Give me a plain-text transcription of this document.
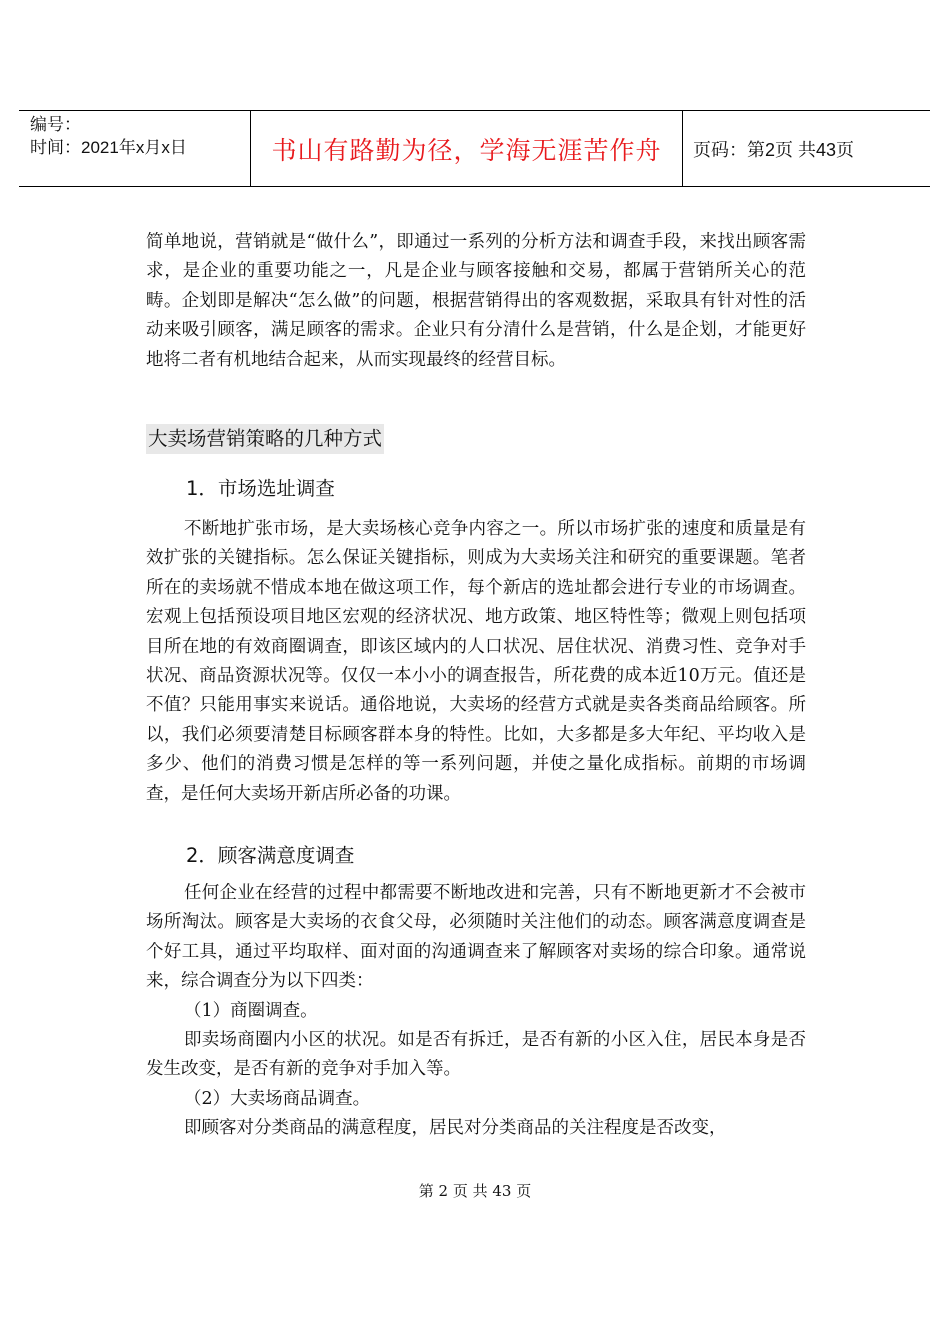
编号：
时间：2021年x月x日	书山有路勤为径，学海无涯苦作舟	页码：第2页 共43页

简单地说，营销就是“做什么”，即通过一系列的分析方法和调查手段，来找出顾客需求，是企业的重要功能之一，凡是企业与顾客接触和交易，都属于营销所关心的范畴。企划即是解决“怎么做”的问题，根据营销得出的客观数据，采取具有针对性的活动来吸引顾客，满足顾客的需求。企业只有分清什么是营销，什么是企划，才能更好地将二者有机地结合起来，从而实现最终的经营目标。

大卖场营销策略的几种方式
1．市场选址调查

不断地扩张市场，是大卖场核心竞争内容之一。所以市场扩张的速度和质量是有效扩张的关键指标。怎么保证关键指标，则成为大卖场关注和研究的重要课题。笔者所在的卖场就不惜成本地在做这项工作，每个新店的选址都会进行专业的市场调查。宏观上包括预设项目地区宏观的经济状况、地方政策、地区特性等；微观上则包括项目所在地的有效商圈调查，即该区域内的人口状况、居住状况、消费习性、竞争对手状况、商品资源状况等。仅仅一本小小的调查报告，所花费的成本近10万元。值还是不值？只能用事实来说话。通俗地说，大卖场的经营方式就是卖各类商品给顾客。所以，我们必须要清楚目标顾客群本身的特性。比如，大多都是多大年纪、平均收入是多少、他们的消费习惯是怎样的等一系列问题，并使之量化成指标。前期的市场调查，是任何大卖场开新店所必备的功课。

2．顾客满意度调查

任何企业在经营的过程中都需要不断地改进和完善，只有不断地更新才不会被市场所淘汰。顾客是大卖场的衣食父母，必须随时关注他们的动态。顾客满意度调查是个好工具，通过平均取样、面对面的沟通调查来了解顾客对卖场的综合印象。通常说来，综合调查分为以下四类：

（1）商圈调查。

即卖场商圈内小区的状况。如是否有拆迁，是否有新的小区入住，居民本身是否发生改变，是否有新的竞争对手加入等。

（2）大卖场商品调查。

即顾客对分类商品的满意程度，居民对分类商品的关注程度是否改变，

第 2 页 共 43 页
